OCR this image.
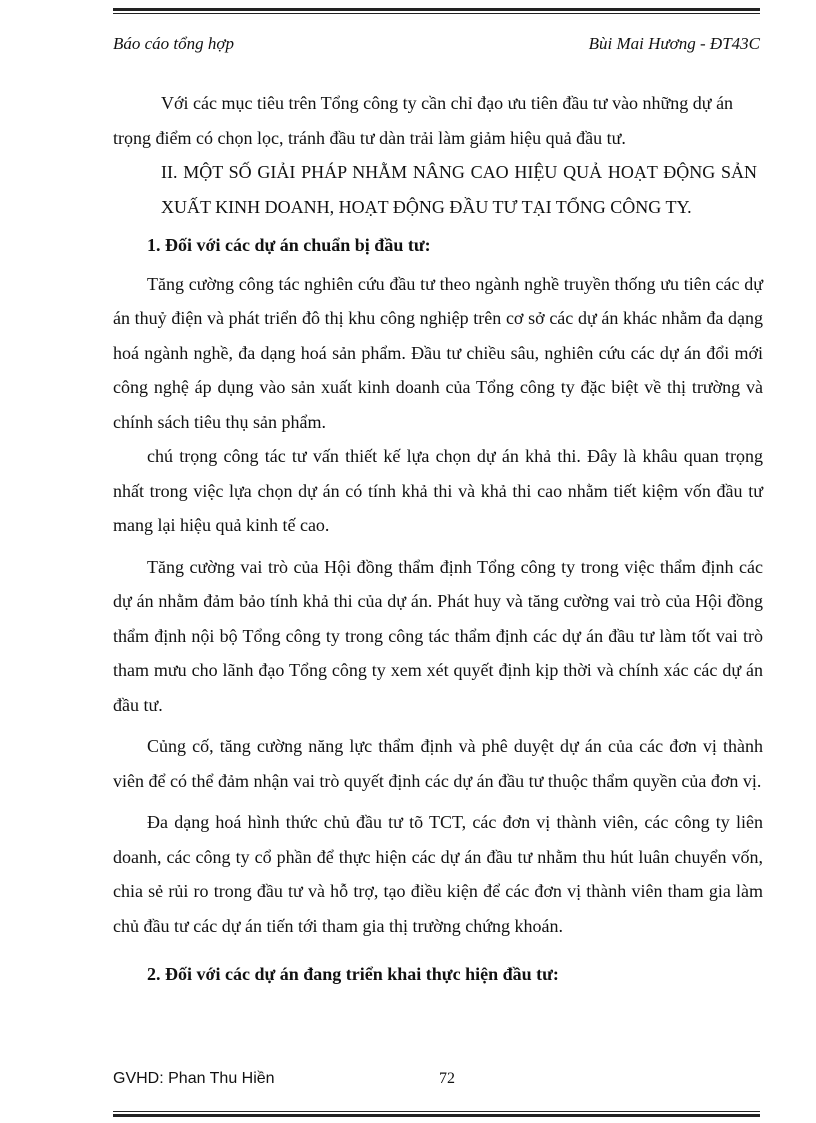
Báo cáo tổng hợp	Bùi Mai Hương - ĐT43C

Với các mục tiêu trên Tổng công ty cần chỉ đạo ưu tiên đầu tư vào những dự án

trọng điểm có chọn lọc, tránh đầu tư dàn trải làm giảm hiệu quả đầu tư.

II. MỘT SỐ GIẢI PHÁP NHẰM NÂNG CAO HIỆU QUẢ HOẠT ĐỘNG SẢN

XUẤT KINH DOANH, HOẠT ĐỘNG ĐẦU TƯ TẠI TỔNG CÔNG TY.

1. Đối với các dự án chuẩn bị đầu tư:

Tăng cường công tác nghiên cứu đầu tư theo ngành nghề truyền thống ưu tiên các dự án thuỷ điện và phát triển đô thị khu công nghiệp trên cơ sở các dự án khác nhằm đa dạng hoá ngành nghề, đa dạng hoá sản phẩm. Đầu tư chiều sâu, nghiên cứu các dự án đổi mới công nghệ áp dụng vào sản xuất kinh doanh của Tổng công ty đặc biệt về thị trường và chính sách tiêu thụ sản phẩm.

chú trọng công tác tư vấn thiết kế lựa chọn dự án khả thi. Đây là khâu quan trọng nhất trong việc lựa chọn dự án có tính khả thi và khả thi cao nhằm tiết kiệm vốn đầu tư mang lại hiệu quả kinh tế cao.

Tăng cường vai trò của Hội đồng thẩm định Tổng công ty trong việc thẩm định các dự án nhằm đảm bảo tính khả thi của dự án. Phát huy và tăng cường vai trò của Hội đồng thẩm định nội bộ Tổng công ty trong công tác thẩm định các dự án đầu tư làm tốt vai trò tham mưu cho lãnh đạo Tổng công ty xem xét quyết định kịp thời và chính xác các dự án đầu tư.

Củng cố, tăng cường năng lực thẩm định và phê duyệt dự án của các đơn vị thành viên để có thể đảm nhận vai trò quyết định các dự án đầu tư thuộc thẩm quyền của đơn vị.

Đa dạng hoá hình thức chủ đầu tư tõ TCT, các đơn vị thành viên, các công ty liên doanh, các công ty cổ phần để thực hiện các dự án đầu tư nhằm thu hút luân chuyển vốn, chia sẻ rủi ro trong đầu tư và hỗ trợ, tạo điều kiện để các đơn vị thành viên tham gia làm chủ đầu tư các dự án tiến tới tham gia thị trường chứng khoán.

2. Đối với các dự án đang triển khai thực hiện đầu tư:

GVHD: Phan Thu Hiền	72
